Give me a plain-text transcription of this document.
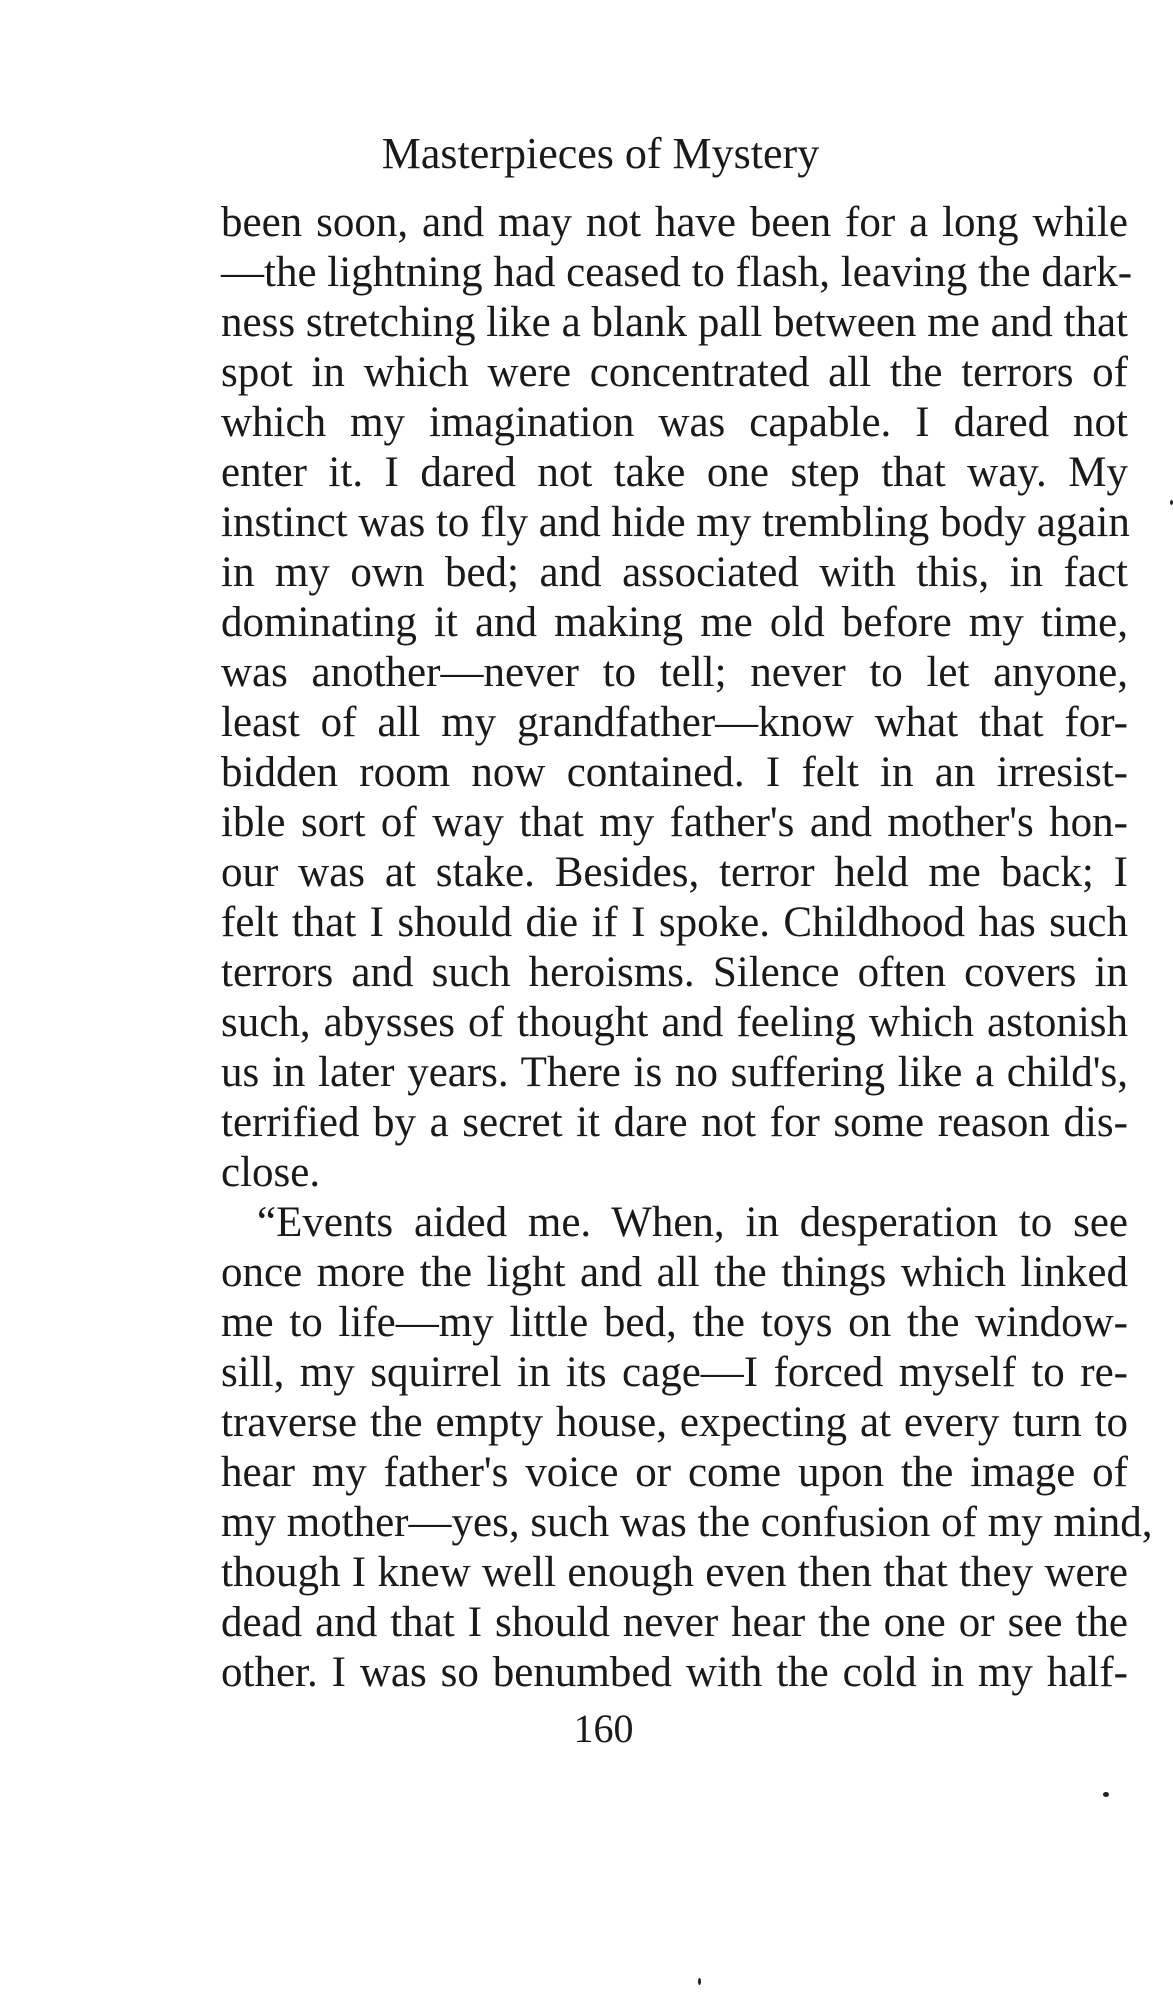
Masterpieces of Mystery
been soon, and may not have been for a long while
—the lightning had ceased to flash, leaving the dark-
ness stretching like a blank pall between me and that
spot in which were concentrated all the terrors of
which my imagination was capable. I dared not
enter it. I dared not take one step that way. My
instinct was to fly and hide my trembling body again
in my own bed; and associated with this, in fact
dominating it and making me old before my time,
was another—never to tell; never to let anyone,
least of all my grandfather—know what that for-
bidden room now contained. I felt in an irresist-
ible sort of way that my father's and mother's hon-
our was at stake. Besides, terror held me back; I
felt that I should die if I spoke. Childhood has such
terrors and such heroisms. Silence often covers in
such, abysses of thought and feeling which astonish
us in later years. There is no suffering like a child's,
terrified by a secret it dare not for some reason dis-
close.
“Events aided me. When, in desperation to see
once more the light and all the things which linked
me to life—my little bed, the toys on the window-
sill, my squirrel in its cage—I forced myself to re-
traverse the empty house, expecting at every turn to
hear my father's voice or come upon the image of
my mother—yes, such was the confusion of my mind,
though I knew well enough even then that they were
dead and that I should never hear the one or see the
other. I was so benumbed with the cold in my half-
160
